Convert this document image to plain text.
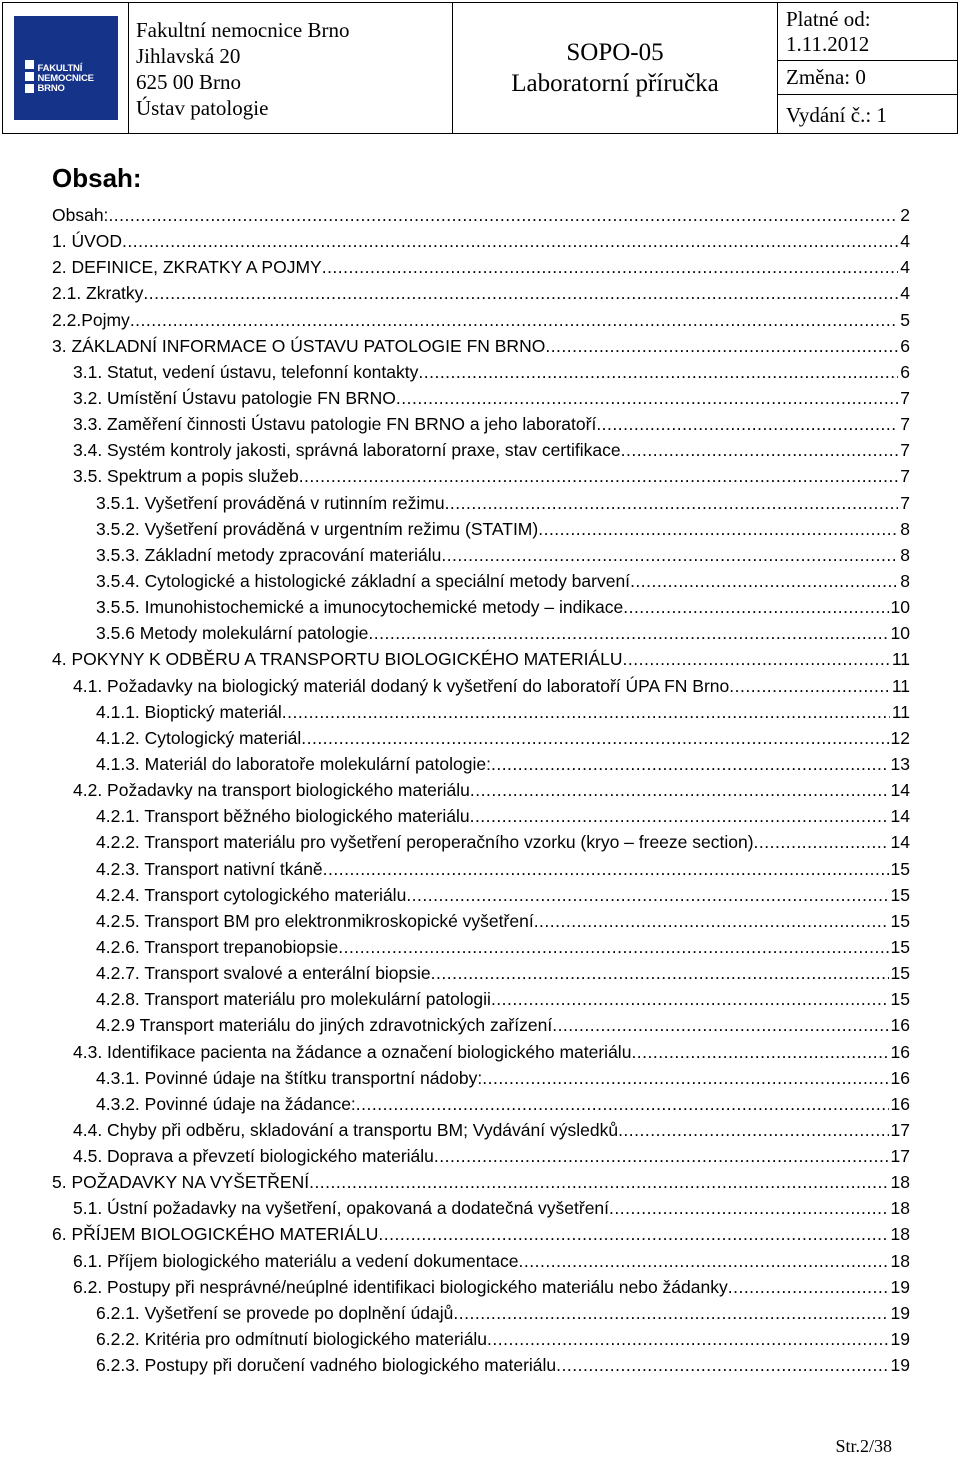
FAKULTNÍ
NEMOCNICE
BRNO
Fakultní nemocnice Brno
Jihlavská 20
625 00 Brno
Ústav patologie
SOPO-05
Laboratorní příručka
Platné od:
1.11.2012
Změna: 0
Vydání č.: 1
Obsah:
Obsah: .....	2
1. ÚVOD .....	4
2. DEFINICE, ZKRATKY A POJMY .....	4
2.1. Zkratky .....	4
2.2.Pojmy .....	5
3. ZÁKLADNÍ INFORMACE O ÚSTAVU PATOLOGIE FN BRNO .....	6
3.1. Statut, vedení ústavu, telefonní kontakty .....	6
3.2. Umístění Ústavu patologie FN BRNO .....	7
3.3. Zaměření činnosti Ústavu patologie FN BRNO a jeho laboratoří .....	7
3.4. Systém kontroly jakosti, správná laboratorní praxe, stav certifikace .....	7
3.5. Spektrum a popis služeb .....	7
3.5.1. Vyšetření prováděná v rutinním režimu .....	7
3.5.2. Vyšetření prováděná v urgentním režimu (STATIM) .....	8
3.5.3. Základní metody zpracování materiálu .....	8
3.5.4. Cytologické a histologické základní a speciální metody barvení .....	8
3.5.5. Imunohistochemické a imunocytochemické metody – indikace .....	10
3.5.6 Metody molekulární patologie .....	10
4. POKYNY K ODBĚRU A TRANSPORTU BIOLOGICKÉHO MATERIÁLU .....	11
4.1. Požadavky na biologický materiál dodaný k vyšetření do laboratoří ÚPA FN Brno .....	11
4.1.1. Bioptický materiál .....	11
4.1.2. Cytologický materiál .....	12
4.1.3. Materiál do laboratoře molekulární patologie: .....	13
4.2. Požadavky na transport biologického materiálu .....	14
4.2.1. Transport běžného biologického materiálu .....	14
4.2.2. Transport materiálu pro vyšetření peroperačního vzorku (kryo – freeze section) .....	14
4.2.3. Transport nativní tkáně .....	15
4.2.4. Transport cytologického materiálu .....	15
4.2.5. Transport BM pro elektronmikroskopické vyšetření .....	15
4.2.6. Transport trepanobiopsie .....	15
4.2.7. Transport svalové a enterální biopsie .....	15
4.2.8. Transport materiálu pro molekulární patologii .....	15
4.2.9 Transport materiálu do jiných zdravotnických zařízení .....	16
4.3. Identifikace pacienta na žádance a označení biologického materiálu .....	16
4.3.1. Povinné údaje na štítku transportní nádoby: .....	16
4.3.2. Povinné údaje na žádance: .....	16
4.4. Chyby při odběru, skladování a transportu BM; Vydávání výsledků .....	17
4.5. Doprava a převzetí biologického materiálu .....	17
5. POŽADAVKY NA VYŠETŘENÍ .....	18
5.1. Ústní požadavky na vyšetření, opakovaná a dodatečná vyšetření .....	18
6. PŘÍJEM BIOLOGICKÉHO MATERIÁLU .....	18
6.1. Příjem biologického materiálu a vedení dokumentace .....	18
6.2. Postupy při nesprávné/neúplné identifikaci biologického materiálu nebo žádanky .....	19
6.2.1. Vyšetření se provede po doplnění údajů .....	19
6.2.2. Kritéria pro odmítnutí biologického materiálu .....	19
6.2.3. Postupy při doručení vadného biologického materiálu .....	19
Str.2/38
